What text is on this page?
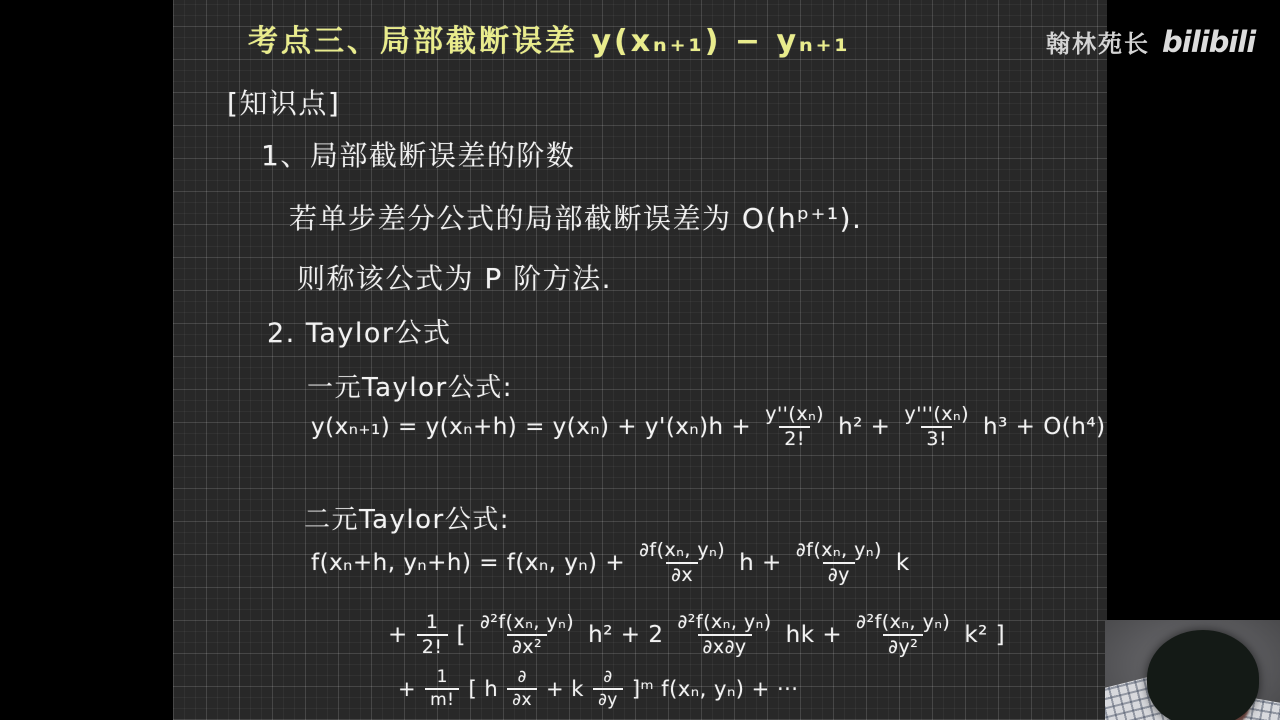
考点三、局部截断误差 y(xₙ₊₁) − yₙ₊₁
[知识点]
1、局部截断误差的阶数
若单步差分公式的局部截断误差为 O(hᵖ⁺¹).
则称该公式为 P 阶方法.
2. Taylor公式
一元Taylor公式:
$y(x_{n+1}) = y(x_n+h) = y(x_n) + y'(x_n)h + \frac{\text{y''(xₙ)}}{2!} h^2 + \frac{\text{y'''(xₙ)}}{3!} h^3 + O(h^4)$
二元Taylor公式:
f(xₙ+h, yₙ+h) = f(xₙ, $y_n) + \frac{\text{∂f(xₙ, yₙ)}}{\partial x}$ $h + \frac{\text{∂f(xₙ, yₙ)}}{\partial y}$ k
+ $\frac{1}{2!}$ [ $\frac{\text{∂²f(xₙ, yₙ)}}{\text{∂x²}} h^2 + 2 \frac{\text{∂²f(xₙ, yₙ)}}{\partial x\partial y}$ hk + $\frac{\text{∂²f(xₙ, yₙ)}}{\text{∂y²}} k^2$ ]
+ $\frac{1}{m!}$ [ h $\frac{\partial}{\partial x} + k \frac{\partial}{\partial y}$ ]ᵐ f(xₙ, yₙ) + ···
翰林苑长 bilibili
